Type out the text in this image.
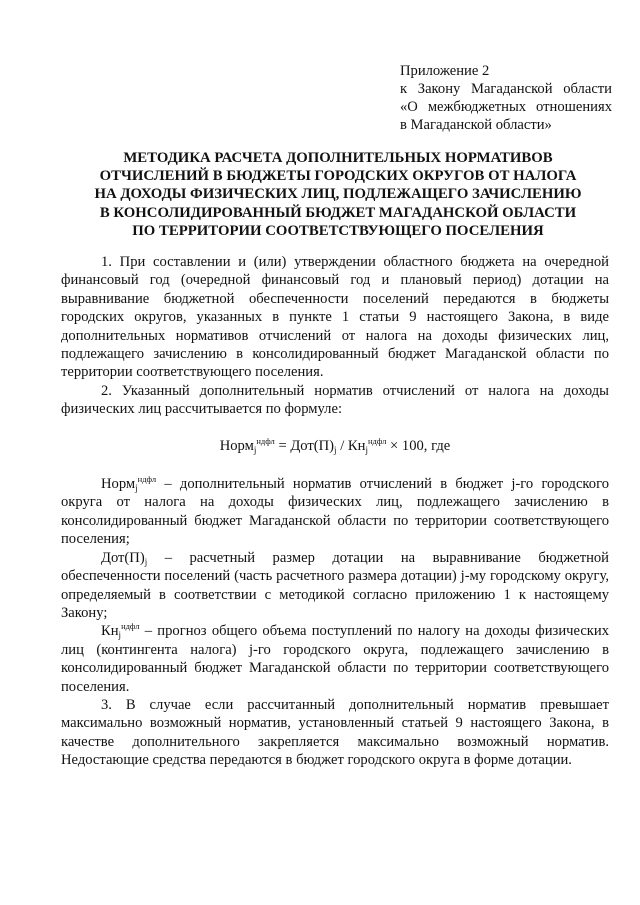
Приложение 2
к Закону Магаданской области
«О межбюджетных отношениях
в Магаданской области»
МЕТОДИКА РАСЧЕТА ДОПОЛНИТЕЛЬНЫХ НОРМАТИВОВ
ОТЧИСЛЕНИЙ В БЮДЖЕТЫ ГОРОДСКИХ ОКРУГОВ ОТ НАЛОГА
НА ДОХОДЫ ФИЗИЧЕСКИХ ЛИЦ, ПОДЛЕЖАЩЕГО ЗАЧИСЛЕНИЮ
В КОНСОЛИДИРОВАННЫЙ БЮДЖЕТ МАГАДАНСКОЙ ОБЛАСТИ
ПО ТЕРРИТОРИИ СООТВЕТСТВУЮЩЕГО ПОСЕЛЕНИЯ

1. При составлении и (или) утверждении областного бюджета на очередной финансовый год (очередной финансовый год и плановый период) дотации на выравнивание бюджетной обеспеченности поселений передаются в бюджеты городских округов, указанных в пункте 1 статьи 9 настоящего Закона, в виде дополнительных нормативов отчислений от налога на доходы физических лиц, подлежащего зачислению в консолидированный бюджет Магаданской области по территории соответствующего поселения.

2. Указанный дополнительный норматив отчислений от налога на доходы физических лиц рассчитывается по формуле:

Норм$_j^{ндфл}$ = $Дот(П)_j / Кн_j^{ндфл} \times 100$, где

Норм$_j^{ндфл}$ – дополнительный норматив отчислений в бюджет j-го городского округа от налога на доходы физических лиц, подлежащего зачислению в консолидированный бюджет Магаданской области по территории соответствующего поселения;

$Дот(П)_j$ – расчетный размер дотации на выравнивание бюджетной обеспеченности поселений (часть расчетного размера дотации) j-му городскому округу, определяемый в соответствии с методикой согласно приложению 1 к настоящему Закону;

$Кн_j^{ндфл}$ – прогноз общего объема поступлений по налогу на доходы физических лиц (контингента налога) j-го городского округа, подлежащего зачислению в консолидированный бюджет Магаданской области по территории соответствующего поселения.

3. В случае если рассчитанный дополнительный норматив превышает максимально возможный норматив, установленный статьей 9 настоящего Закона, в качестве дополнительного закрепляется максимально возможный норматив. Недостающие средства передаются в бюджет городского округа в форме дотации.
